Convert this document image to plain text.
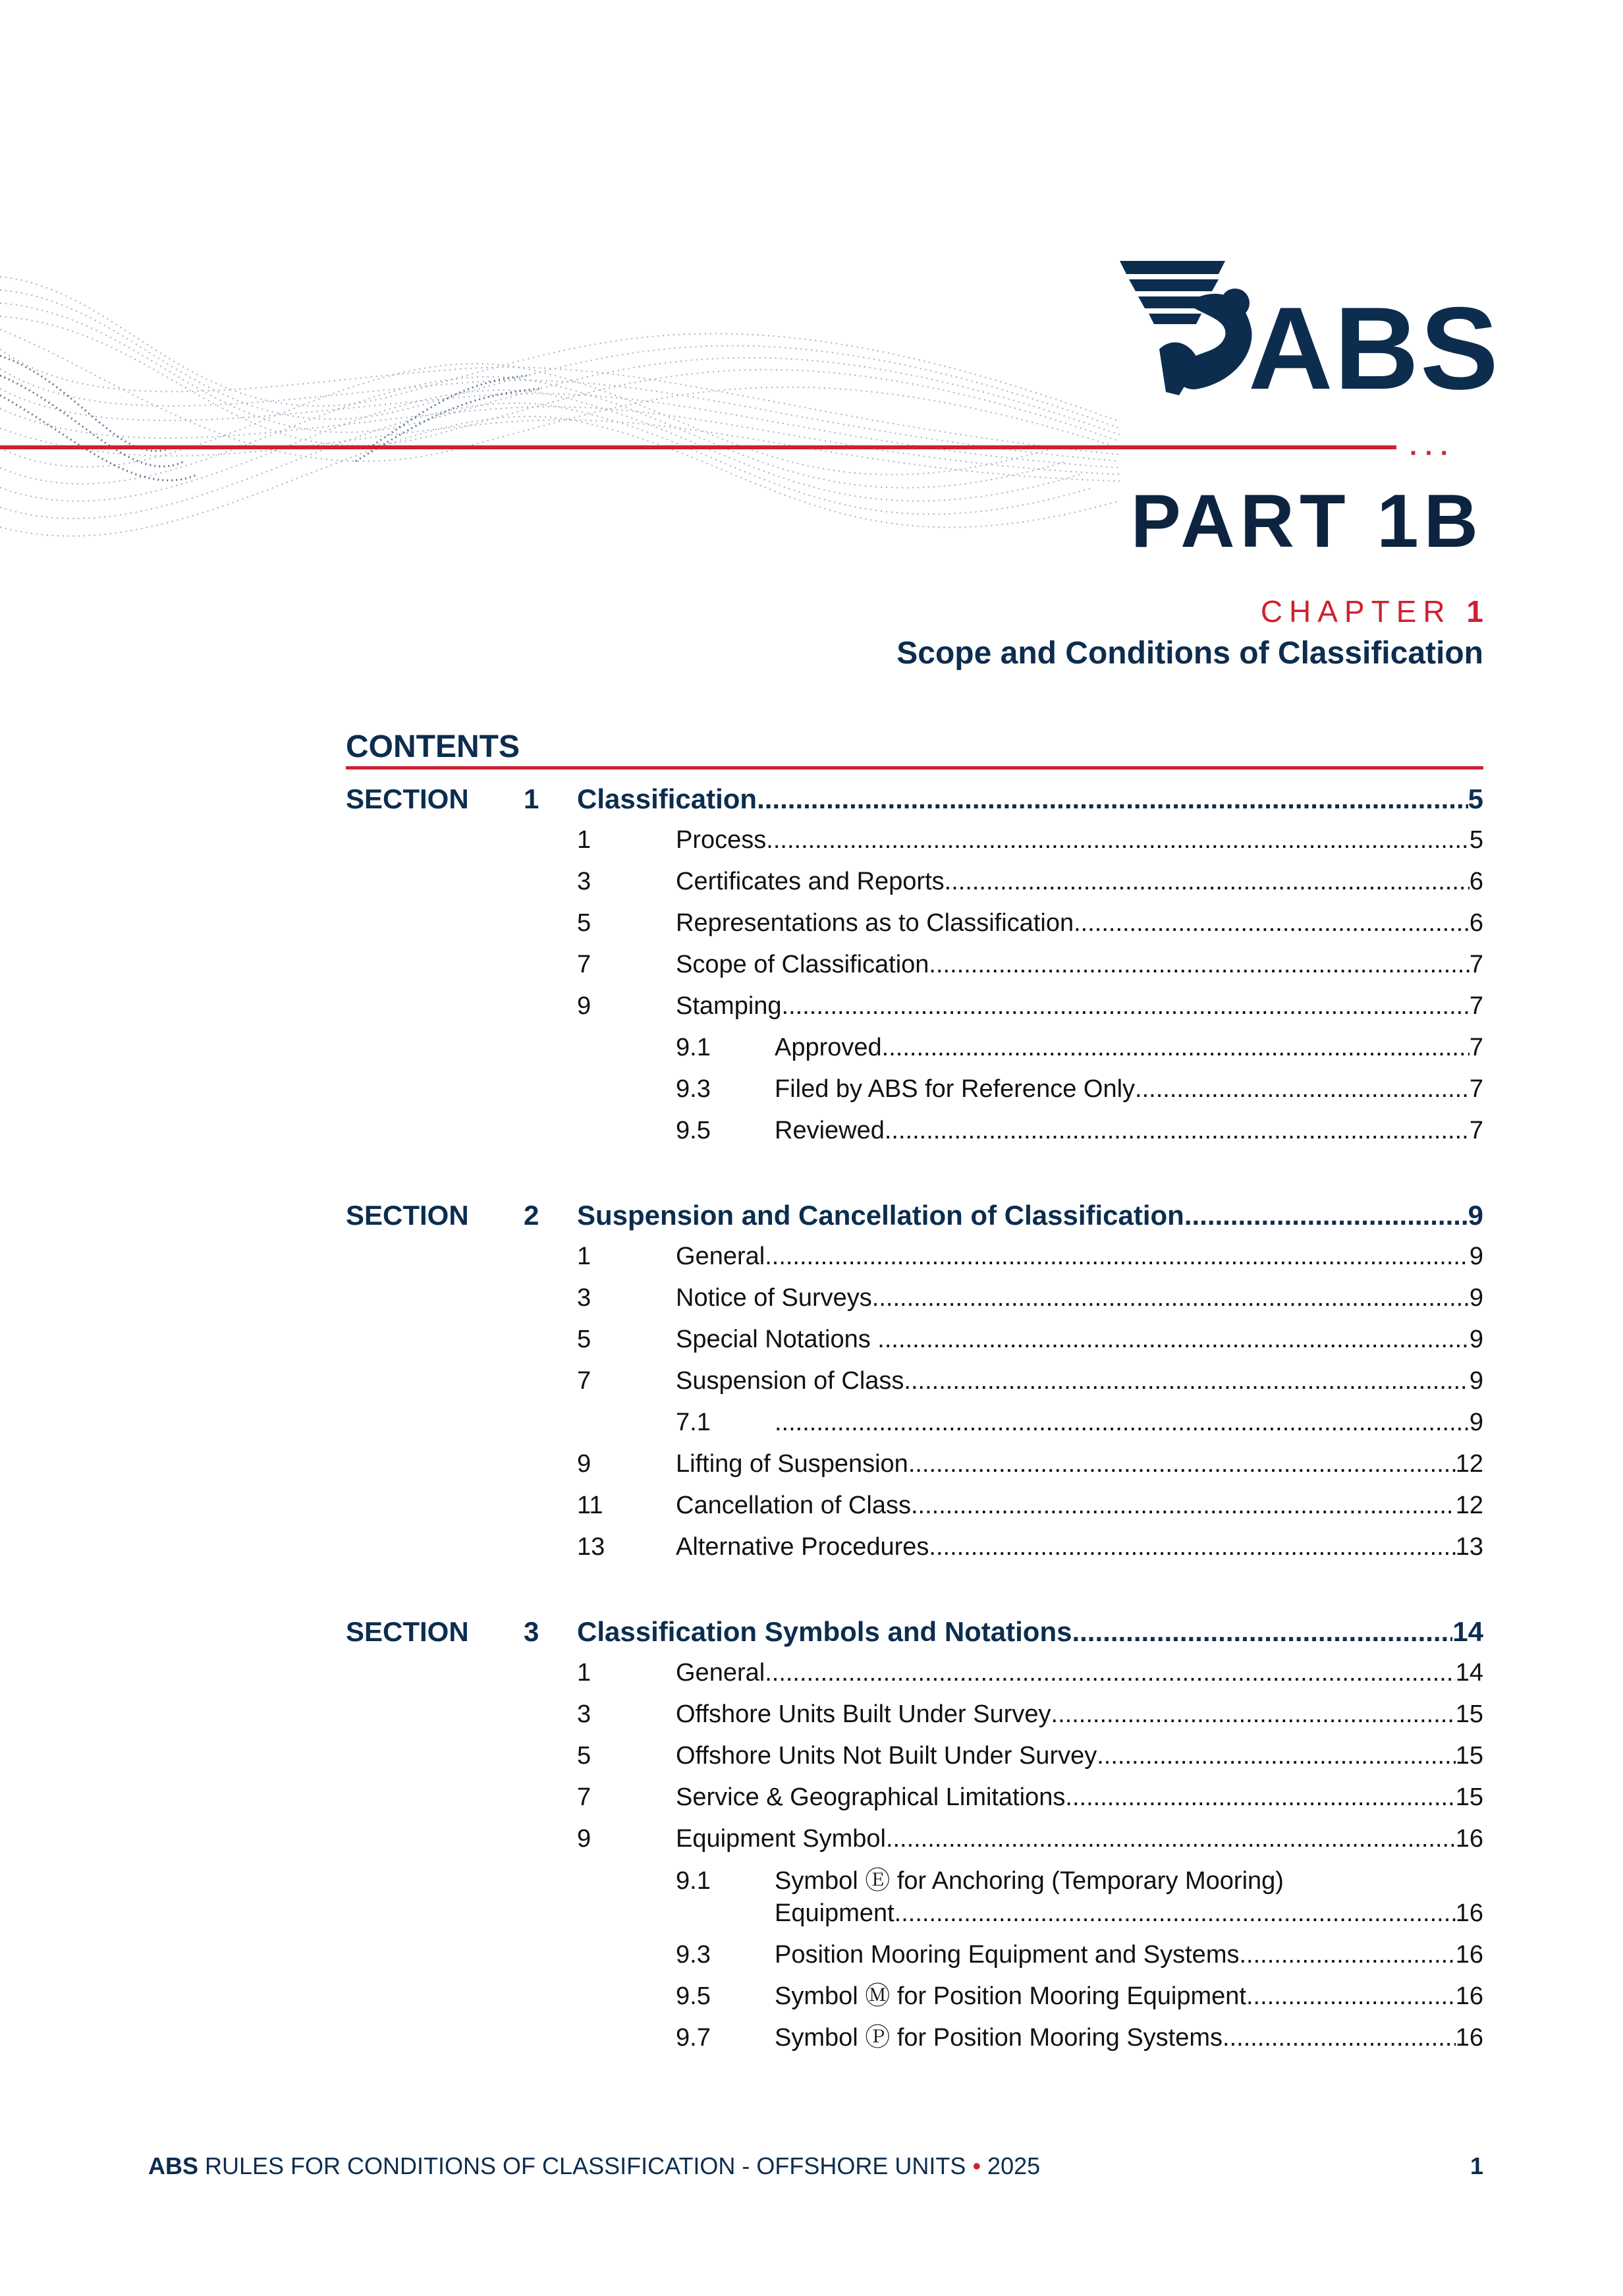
ABS
···
PART 1B
CHAPTER 1
Scope and Conditions of Classification
CONTENTS
SECTION 1 Classification .....	5
1	Process .....	5
3	Certificates and Reports .....	6
5	Representations as to Classification .....	6
7	Scope of Classification .....	7
9	Stamping .....	7
9.1	Approved .....	7
9.3	Filed by ABS for Reference Only .....	7
9.5	Reviewed .....	7
SECTION 2 Suspension and Cancellation of Classification .....	9
1	General .....	9
3	Notice of Surveys .....	9
5	Special Notations .....	9
7	Suspension of Class .....	9
7.1 .....	9
9	Lifting of Suspension .....	12
11	Cancellation of Class .....	12
13	Alternative Procedures .....	13
SECTION 3 Classification Symbols and Notations .....	14
1	General .....	14
3	Offshore Units Built Under Survey .....	15
5	Offshore Units Not Built Under Survey .....	15
7	Service & Geographical Limitations .....	15
9	Equipment Symbol .....	16
9.1	Symbol Ⓔ for Anchoring (Temporary Mooring)
Equipment .....	16
9.3	Position Mooring Equipment and Systems .....	16
9.5	Symbol Ⓜ for Position Mooring Equipment .....	16
9.7	Symbol Ⓟ for Position Mooring Systems .....	16
ABS RULES FOR CONDITIONS OF CLASSIFICATION - OFFSHORE UNITS • 2025	1
